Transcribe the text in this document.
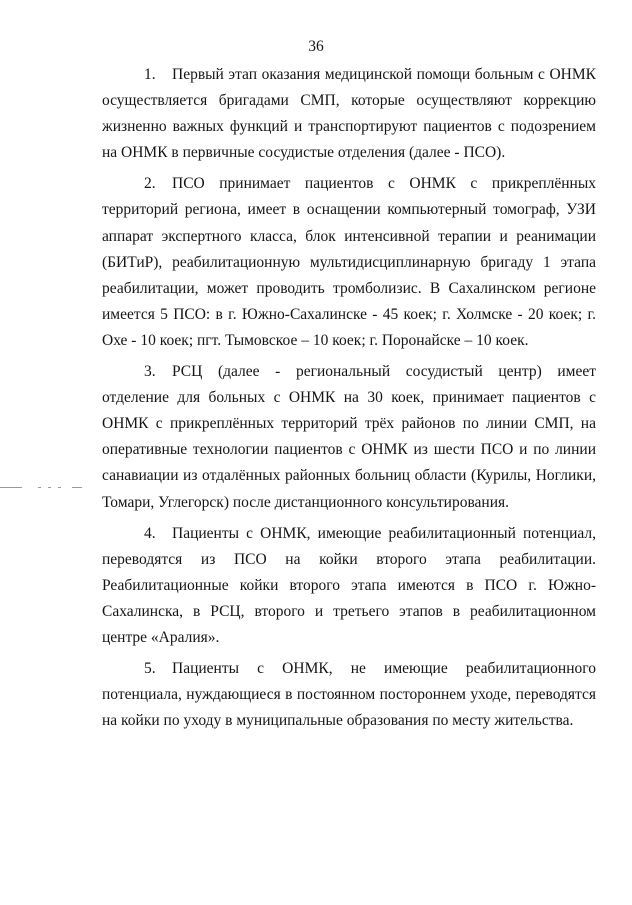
36

1. Первый этап оказания медицинской помощи больным с ОНМК осуществляется бригадами СМП, которые осуществляют коррекцию жизненно важных функций и транспортируют пациентов с подозрением на ОНМК в первичные сосудистые отделения (далее - ПСО).

2. ПСО принимает пациентов с ОНМК с прикреплённых территорий региона, имеет в оснащении компьютерный томограф, УЗИ аппарат экспертного класса, блок интенсивной терапии и реанимации (БИТиР), реабилитационную мультидисциплинарную бригаду 1 этапа реабилитации, может проводить тромболизис. В Сахалинском регионе имеется 5 ПСО: в г. Южно-Сахалинске - 45 коек; г. Холмске - 20 коек; г. Охе - 10 коек; пгт. Тымовское – 10 коек; г. Поронайске – 10 коек.

3. РСЦ (далее - региональный сосудистый центр) имеет отделение для больных с ОНМК на 30 коек, принимает пациентов с ОНМК с прикреплённых территорий трёх районов по линии СМП, на оперативные технологии пациентов с ОНМК из шести ПСО и по линии санавиации из отдалённых районных больниц области (Курилы, Ноглики, Томари, Углегорск) после дистанционного консультирования.

4. Пациенты с ОНМК, имеющие реабилитационный потенциал, переводятся из ПСО на койки второго этапа реабилитации. Реабилитационные койки второго этапа имеются в ПСО г. Южно-Сахалинска, в РСЦ, второго и третьего этапов в реабилитационном центре «Аралия».

5. Пациенты с ОНМК, не имеющие реабилитационного потенциала, нуждающиеся в постоянном постороннем уходе, переводятся на койки по уходу в муниципальные образования по месту жительства.
